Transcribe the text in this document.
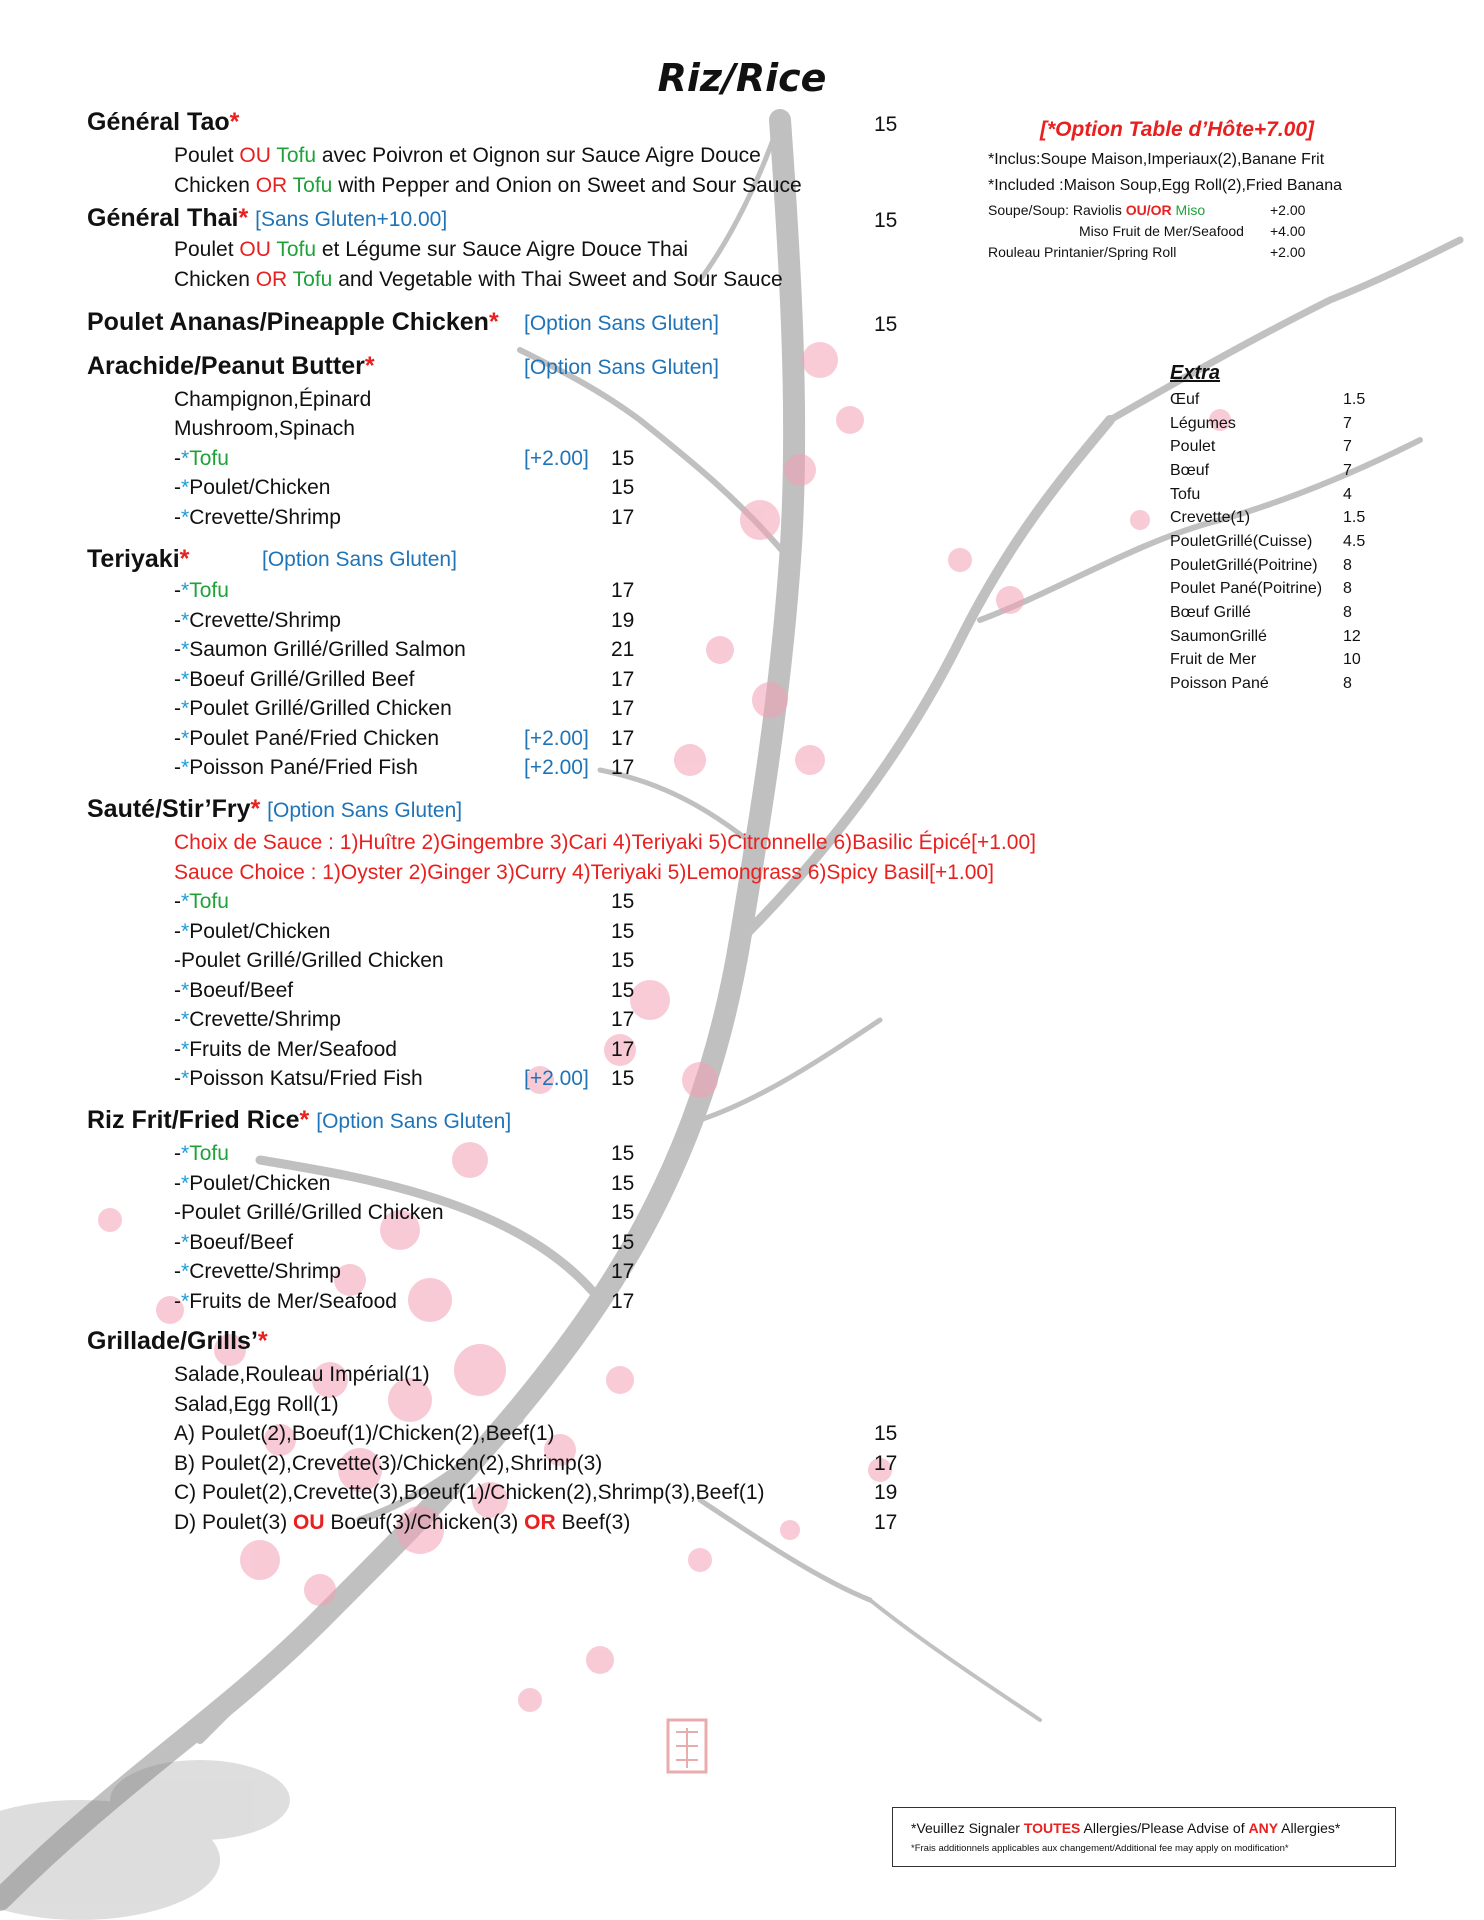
Riz/Rice
Général Tao*	15
Poulet OU Tofu avec Poivron et Oignon sur Sauce Aigre Douce
Chicken OR Tofu with Pepper and Onion on Sweet and Sour Sauce
Général Thai* [Sans Gluten+10.00]	15
Poulet OU Tofu et Légume sur Sauce Aigre Douce Thai
Chicken OR Tofu and Vegetable with Thai Sweet and Sour Sauce
Poulet Ananas/Pineapple Chicken* [Option Sans Gluten]	15
Arachide/Peanut Butter*	[Option Sans Gluten]
Champignon,Épinard
Mushroom,Spinach
-*Tofu	[+2.00] 15
-*Poulet/Chicken	15
-*Crevette/Shrimp	17
Teriyaki*	[Option Sans Gluten]
-*Tofu	17
-*Crevette/Shrimp	19
-*Saumon Grillé/Grilled Salmon	21
-*Boeuf Grillé/Grilled Beef	17
-*Poulet Grillé/Grilled Chicken	17
-*Poulet Pané/Fried Chicken	[+2.00] 17
-*Poisson Pané/Fried Fish	[+2.00] 17
Sauté/Stir’Fry* [Option Sans Gluten]
Choix de Sauce : 1)Huître 2)Gingembre 3)Cari 4)Teriyaki 5)Citronnelle 6)Basilic Épicé[+1.00]
Sauce Choice : 1)Oyster 2)Ginger 3)Curry 4)Teriyaki 5)Lemongrass 6)Spicy Basil[+1.00]
-*Tofu	15
-*Poulet/Chicken	15
-Poulet Grillé/Grilled Chicken	15
-*Boeuf/Beef	15
-*Crevette/Shrimp	17
-*Fruits de Mer/Seafood	17
-*Poisson Katsu/Fried Fish	[+2.00] 15
Riz Frit/Fried Rice* [Option Sans Gluten]
-*Tofu	15
-*Poulet/Chicken	15
-Poulet Grillé/Grilled Chicken	15
-*Boeuf/Beef	15
-*Crevette/Shrimp	17
-*Fruits de Mer/Seafood	17
Grillade/Grills’*
Salade,Rouleau Impérial(1)
Salad,Egg Roll(1)
A) Poulet(2),Boeuf(1)/Chicken(2),Beef(1)	15
B) Poulet(2),Crevette(3)/Chicken(2),Shrimp(3)	17
C) Poulet(2),Crevette(3),Boeuf(1)/Chicken(2),Shrimp(3),Beef(1)	19
D) Poulet(3) OU Boeuf(3)/Chicken(3) OR Beef(3)	17
[*Option Table d’Hôte+7.00]
*Inclus:Soupe Maison,Imperiaux(2),Banane Frit
*Included :Maison Soup,Egg Roll(2),Fried Banana
Soupe/Soup: Raviolis OU/OR Miso	+2.00
Miso Fruit de Mer/Seafood +4.00
Rouleau Printanier/Spring Roll	+2.00
Extra
Œuf	1.5
Légumes	7
Poulet	7
Bœuf	7
Tofu	4
Crevette(1)	1.5
PouletGrillé(Cuisse) 4.5
PouletGrillé(Poitrine) 8
Poulet Pané(Poitrine) 8
Bœuf Grillé	8
SaumonGrillé	12
Fruit de Mer	10
Poisson Pané	8
*Veuillez Signaler TOUTES Allergies/Please Advise of ANY Allergies*
*Frais additionnels applicables aux changement/Additional fee may apply on modification*
